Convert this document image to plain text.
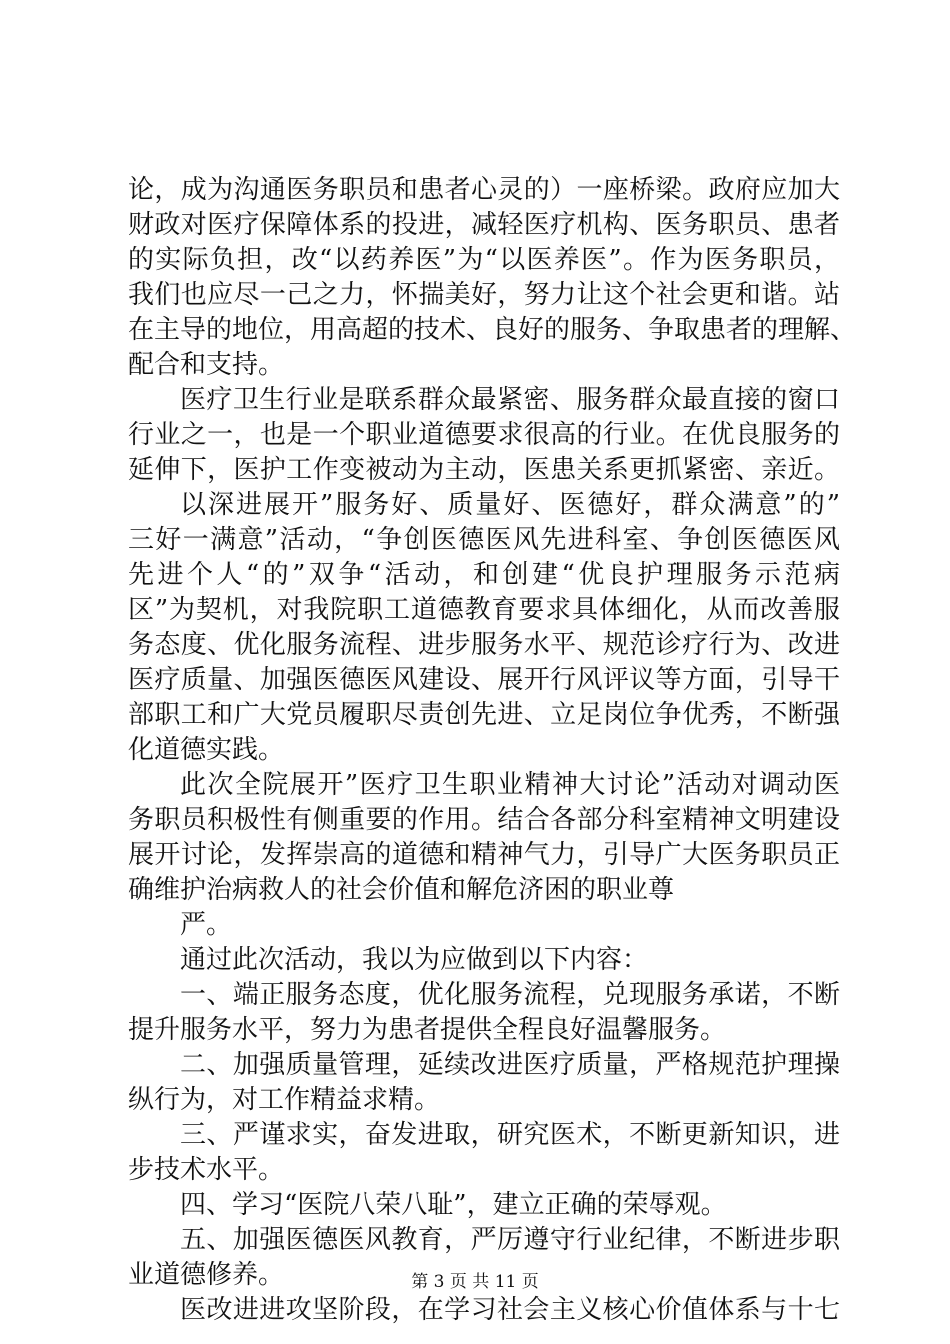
论，成为沟通医务职员和患者心灵的）一座桥梁。政府应加大
财政对医疗保障体系的投进，减轻医疗机构、医务职员、患者
的实际负担，改“以药养医”为“以医养医”。作为医务职员，
我们也应尽一己之力，怀揣美好，努力让这个社会更和谐。站
在主导的地位，用高超的技术、良好的服务、争取患者的理解、
配合和支持。
医疗卫生行业是联系群众最紧密、服务群众最直接的窗口
行业之一，也是一个职业道德要求很高的行业。在优良服务的
延伸下，医护工作变被动为主动，医患关系更抓紧密、亲近。
以深进展开”服务好、质量好、医德好，群众满意”的”
三好一满意”活动，“争创医德医风先进科室、争创医德医风
先进个人“的”双争“活动，和创建“优良护理服务示范病
区”为契机，对我院职工道德教育要求具体细化，从而改善服
务态度、优化服务流程、进步服务水平、规范诊疗行为、改进
医疗质量、加强医德医风建设、展开行风评议等方面，引导干
部职工和广大党员履职尽责创先进、立足岗位争优秀，不断强
化道德实践。
此次全院展开”医疗卫生职业精神大讨论”活动对调动医
务职员积极性有侧重要的作用。结合各部分科室精神文明建设
展开讨论，发挥崇高的道德和精神气力，引导广大医务职员正
确维护治病救人的社会价值和解危济困的职业尊
严。
通过此次活动，我以为应做到以下内容：
一、端正服务态度，优化服务流程，兑现服务承诺，不断
提升服务水平，努力为患者提供全程良好温馨服务。
二、加强质量管理，延续改进医疗质量，严格规范护理操
纵行为，对工作精益求精。
三、严谨求实，奋发进取，研究医术，不断更新知识，进
步技术水平。
四、学习“医院八荣八耻”，建立正确的荣辱观。
五、加强医德医风教育，严厉遵守行业纪律，不断进步职
业道德修养。
医改进进攻坚阶段，在学习社会主义核心价值体系与十七
第 3 页 共 11 页
